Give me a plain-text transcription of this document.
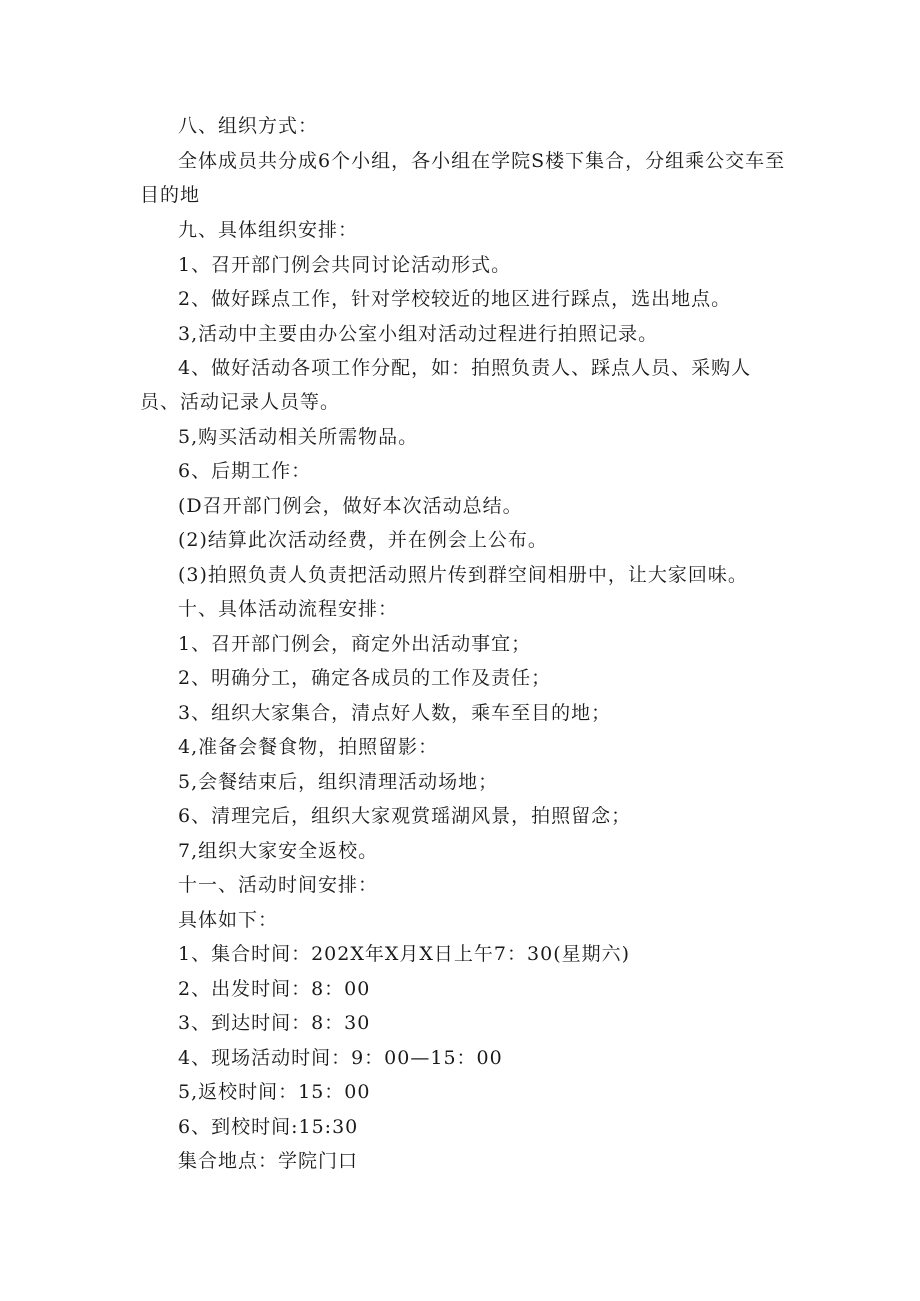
八、组织方式：
全体成员共分成6个小组，各小组在学院S楼下集合，分组乘公交车至
目的地
九、具体组织安排：
1、召开部门例会共同讨论活动形式。
2、做好踩点工作，针对学校较近的地区进行踩点，选出地点。
3,活动中主要由办公室小组对活动过程进行拍照记录。
4、做好活动各项工作分配，如：拍照负责人、踩点人员、采购人
员、活动记录人员等。
5,购买活动相关所需物品。
6、后期工作：
(D召开部门例会，做好本次活动总结。
(2)结算此次活动经费，并在例会上公布。
(3)拍照负责人负责把活动照片传到群空间相册中，让大家回味。
十、具体活动流程安排：
1、召开部门例会，商定外出活动事宜；
2、明确分工，确定各成员的工作及责任；
3、组织大家集合，清点好人数，乘车至目的地；
4,准备会餐食物，拍照留影：
5,会餐结束后，组织清理活动场地；
6、清理完后，组织大家观赏瑶湖风景，拍照留念；
7,组织大家安全返校。
十一、活动时间安排：
具体如下：
1、集合时间：202X年X月X日上午7：30(星期六)
2、出发时间：8：00
3、到达时间：8：30
4、现场活动时间：9：00—15：00
5,返校时间：15：00
6、到校时间:15:30
集合地点：学院门口
